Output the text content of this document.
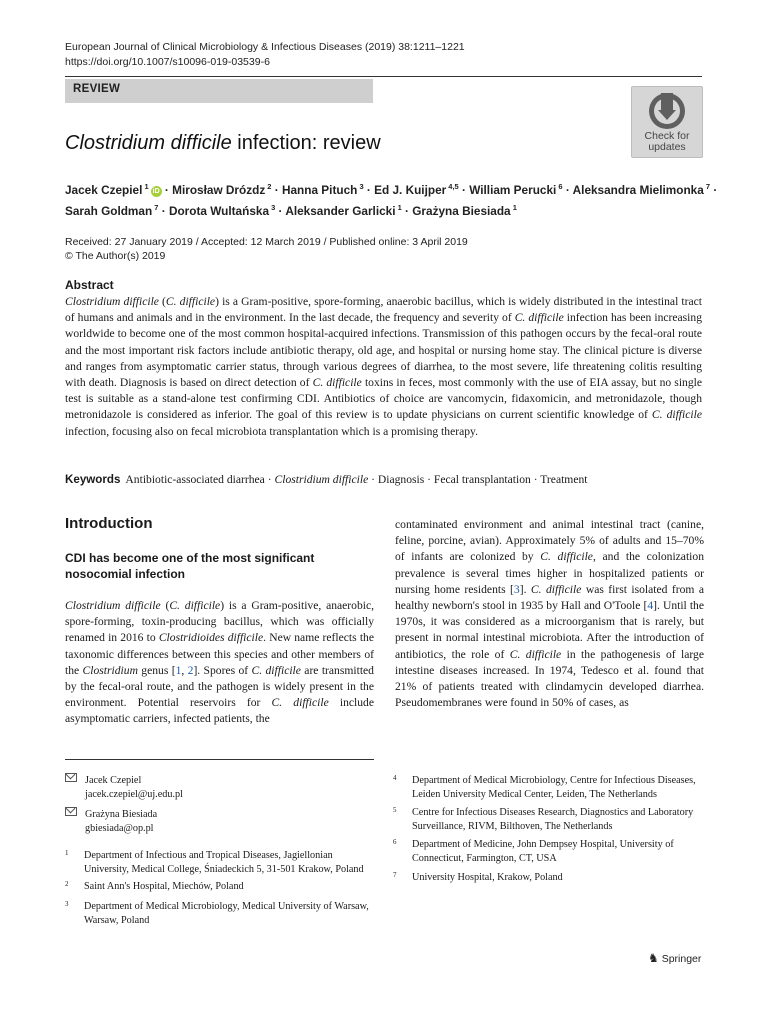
European Journal of Clinical Microbiology & Infectious Diseases (2019) 38:1211–1221
https://doi.org/10.1007/s10096-019-03539-6
REVIEW
Check for
updates
Clostridium difficile infection: review
Jacek Czepiel $^1$iD · Mirosław Drózdz $^2$ · Hanna Pituch $^3$ · Ed J. Kuijper $^{4,5}$ · William Perucki $^6$ · Aleksandra Mielimonka $^7$ · Sarah Goldman $^7$ · Dorota Wultańska $^3$ · Aleksander Garlicki $^1$ · Grażyna Biesiada $^1$
Received: 27 January 2019 / Accepted: 12 March 2019 / Published online: 3 April 2019
© The Author(s) 2019
Abstract
Clostridium difficile (C. difficile) is a Gram-positive, spore-forming, anaerobic bacillus, which is widely distributed in the intestinal tract of humans and animals and in the environment. In the last decade, the frequency and severity of C. difficile infection has been increasing worldwide to become one of the most common hospital-acquired infections. Transmission of this pathogen occurs by the fecal-oral route and the most important risk factors include antibiotic therapy, old age, and hospital or nursing home stay. The clinical picture is diverse and ranges from asymptomatic carrier status, through various degrees of diarrhea, to the most severe, life threatening colitis resulting with death. Diagnosis is based on direct detection of C. difficile toxins in feces, most commonly with the use of EIA assay, but no single test is suitable as a stand-alone test confirming CDI. Antibiotics of choice are vancomycin, fidaxomicin, and metronidazole, though metronidazole is considered as inferior. The goal of this review is to update physicians on current scientific knowledge of C. difficile infection, focusing also on fecal microbiota transplantation which is a promising therapy.
Keywords Antibiotic-associated diarrhea · Clostridium difficile · Diagnosis · Fecal transplantation · Treatment
Introduction
CDI has become one of the most significant nosocomial infection
Clostridium difficile (C. difficile) is a Gram-positive, anaerobic, spore-forming, toxin-producing bacillus, which was officially renamed in 2016 to Clostridioides difficile. New name reflects the taxonomic differences between this species and other members of the Clostridium genus [1, 2]. Spores of C. difficile are transmitted by the fecal-oral route, and the pathogen is widely present in the environment. Potential reservoirs for C. difficile include asymptomatic carriers, infected patients, the
contaminated environment and animal intestinal tract (canine, feline, porcine, avian). Approximately 5% of adults and 15–70% of infants are colonized by C. difficile, and the colonization prevalence is several times higher in hospitalized patients or nursing home residents [3]. C. difficile was first isolated from a healthy newborn's stool in 1935 by Hall and O'Toole [4]. Until the 1970s, it was considered as a microorganism that is rarely, but present in normal intestinal microbiota. After the introduction of antibiotics, the role of C. difficile in the pathogenesis of large intestine diseases increased. In 1974, Tedesco et al. found that 21% of patients treated with clindamycin developed diarrhea. Pseudomembranes were found in 50% of cases, as
Jacek Czepiel
jacek.czepiel@uj.edu.pl
Grażyna Biesiada
gbiesiada@op.pl
1 Department of Infectious and Tropical Diseases, Jagiellonian University, Medical College, Śniadeckich 5, 31-501 Krakow, Poland
2 Saint Ann's Hospital, Miechów, Poland
3 Department of Medical Microbiology, Medical University of Warsaw, Warsaw, Poland
4 Department of Medical Microbiology, Centre for Infectious Diseases, Leiden University Medical Center, Leiden, The Netherlands
5 Centre for Infectious Diseases Research, Diagnostics and Laboratory Surveillance, RIVM, Bilthoven, The Netherlands
6 Department of Medicine, John Dempsey Hospital, University of Connecticut, Farmington, CT, USA
7 University Hospital, Krakow, Poland
♞ Springer
